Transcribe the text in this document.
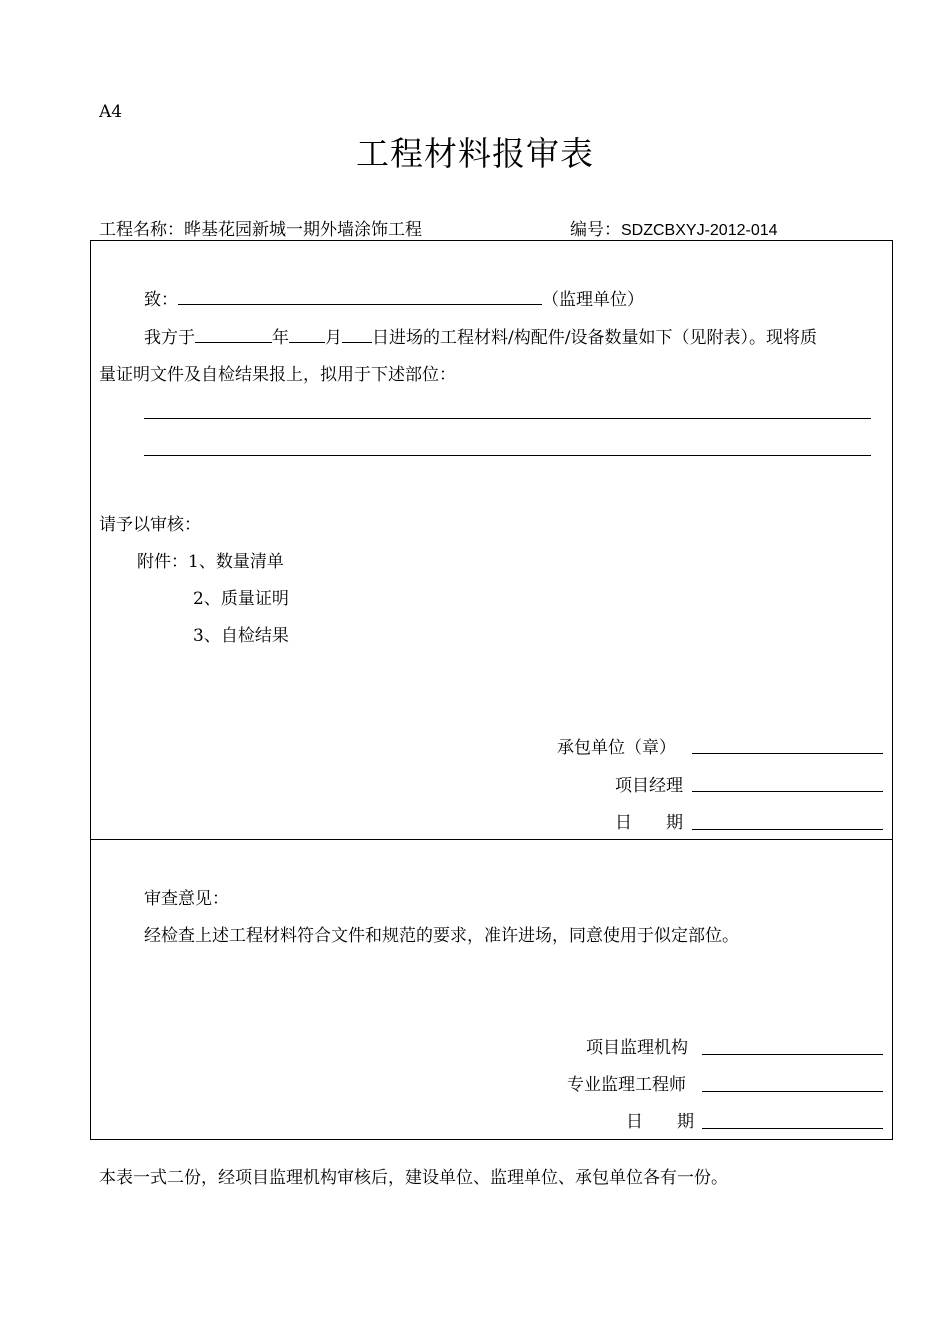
A4
工程材料报审表
工程名称：晔基花园新城一期外墙涂饰工程	编号：SDZCBXYJ-2012-014
致：	（监理单位）
我方于	年 月 日进场的工程材料/构配件/设备数量如下（见附表）。现将质
量证明文件及自检结果报上，拟用于下述部位：
请予以审核：
附件：1、数量清单
2、质量证明
3、自检结果
承包单位（章）
项目经理
日　　期
审查意见：
经检查上述工程材料符合文件和规范的要求，准许进场，同意使用于似定部位。
项目监理机构
专业监理工程师
日　　期
本表一式二份，经项目监理机构审核后，建设单位、监理单位、承包单位各有一份。
